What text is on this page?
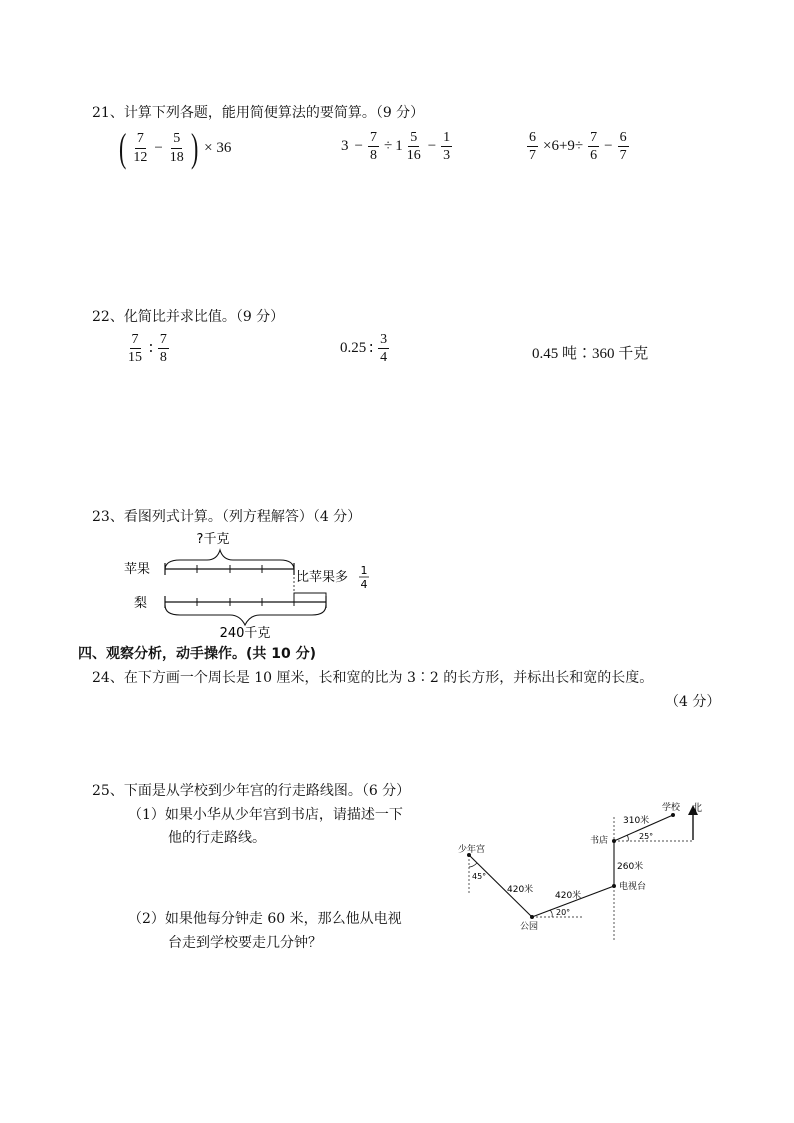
21、计算下列各题，能用简便算法的要简算。（9 分）
( $\frac{7}{12} - \frac{5}{18}$ ) × 36	$3 - \frac{7}{8} \div 1 \frac{5}{16} - \frac{1}{3}$	$\frac{6}{7} \times 6+9\div \frac{7}{6} - \frac{6}{7}$
22、化简比并求比值。（9 分）
$\frac{7}{15}$ ∶ $\frac{7}{8}$	0.25 ∶ $\frac{3}{4}$	0.45 吨∶360 千克
23、看图列式计算。（列方程解答）（4 分）
?千克
苹果
比苹果多 1
4
梨
240千克
四、观察分析，动手操作。(共 10 分)
24、在下方画一个周长是 10 厘米，长和宽的比为 3∶2 的长方形，并标出长和宽的长度。
（4 分）
25、下面是从学校到少年宫的行走路线图。（6 分）
（1）如果小华从少年宫到书店，请描述一下
他的行走路线。
（2）如果他每分钟走 60 米，那么他从电视
台走到学校要走几分钟？
北
少年宫
公园
电视台
书店
学校
420米
420米
260米
310米
45°
20°
25°
